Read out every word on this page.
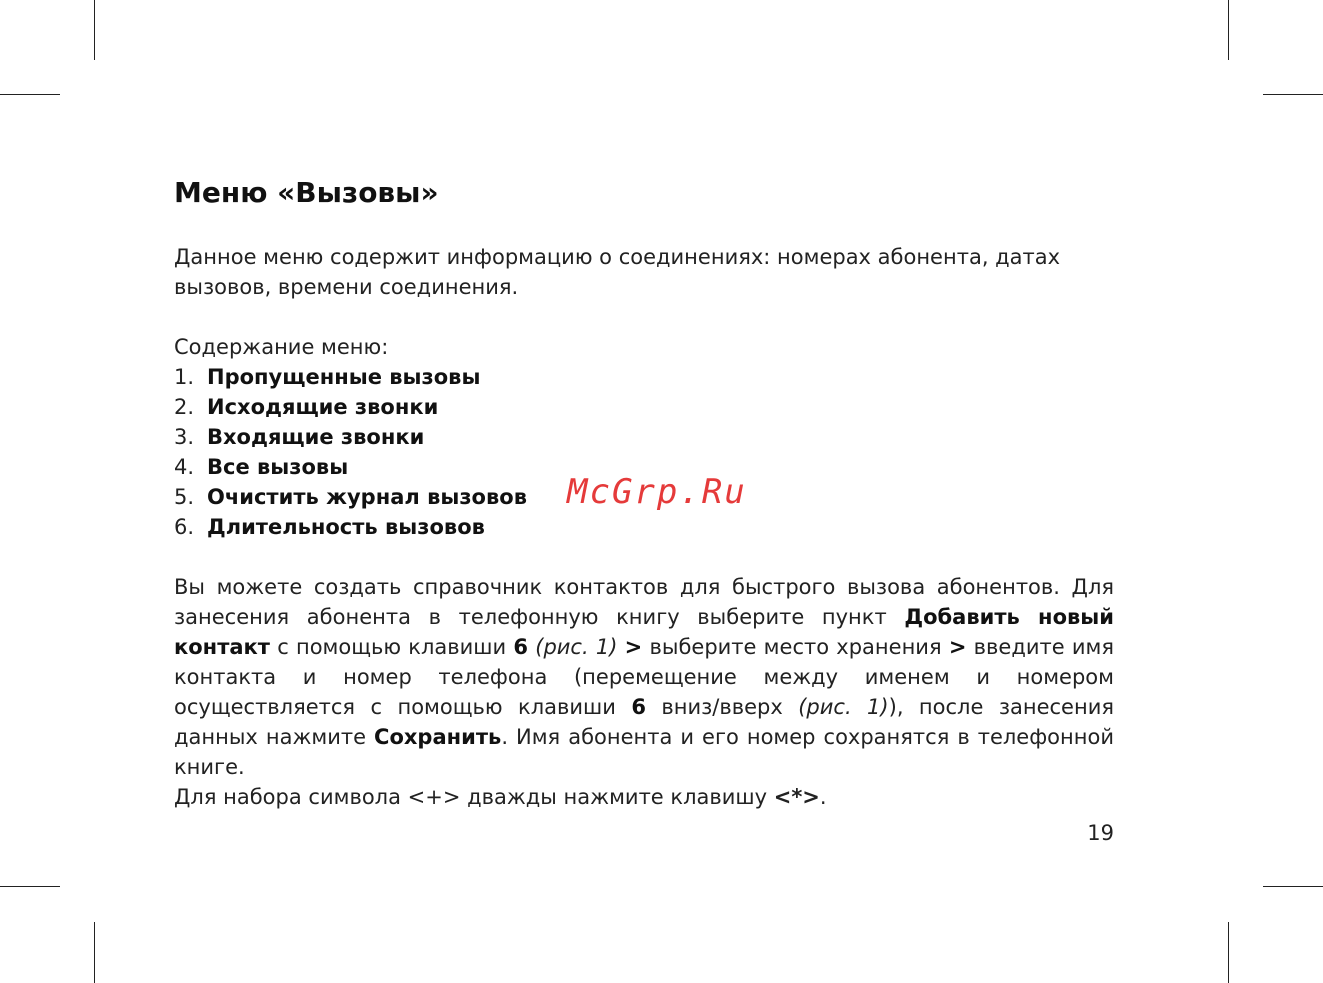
Меню «Вызовы»

Данное меню содержит информацию о соединениях: номерах абонента, датах вызовов, времени соединения.

Содержание меню:

1. Пропущенные вызовы
2. Исходящие звонки
3. Входящие звонки
4. Все вызовы
5. Очистить журнал вызовов
6. Длительность вызовов

Вы можете создать справочник контактов для быстрого вызова абонентов. Для занесения абонента в телефонную книгу выберите пункт Добавить новый контакт с помощью клавиши 6 (рис. 1) > выберите место хранения > введите имя контакта и номер телефона (перемещение между именем и номером осуществляется с помощью клавиши 6 вниз/вверх (рис. 1)), после занесения данных нажмите Сохранить. Имя абонента и его номер сохранятся в телефонной книге.

Для набора символа <+> дважды нажмите клавишу <*>.

19
McGrp.Ru
